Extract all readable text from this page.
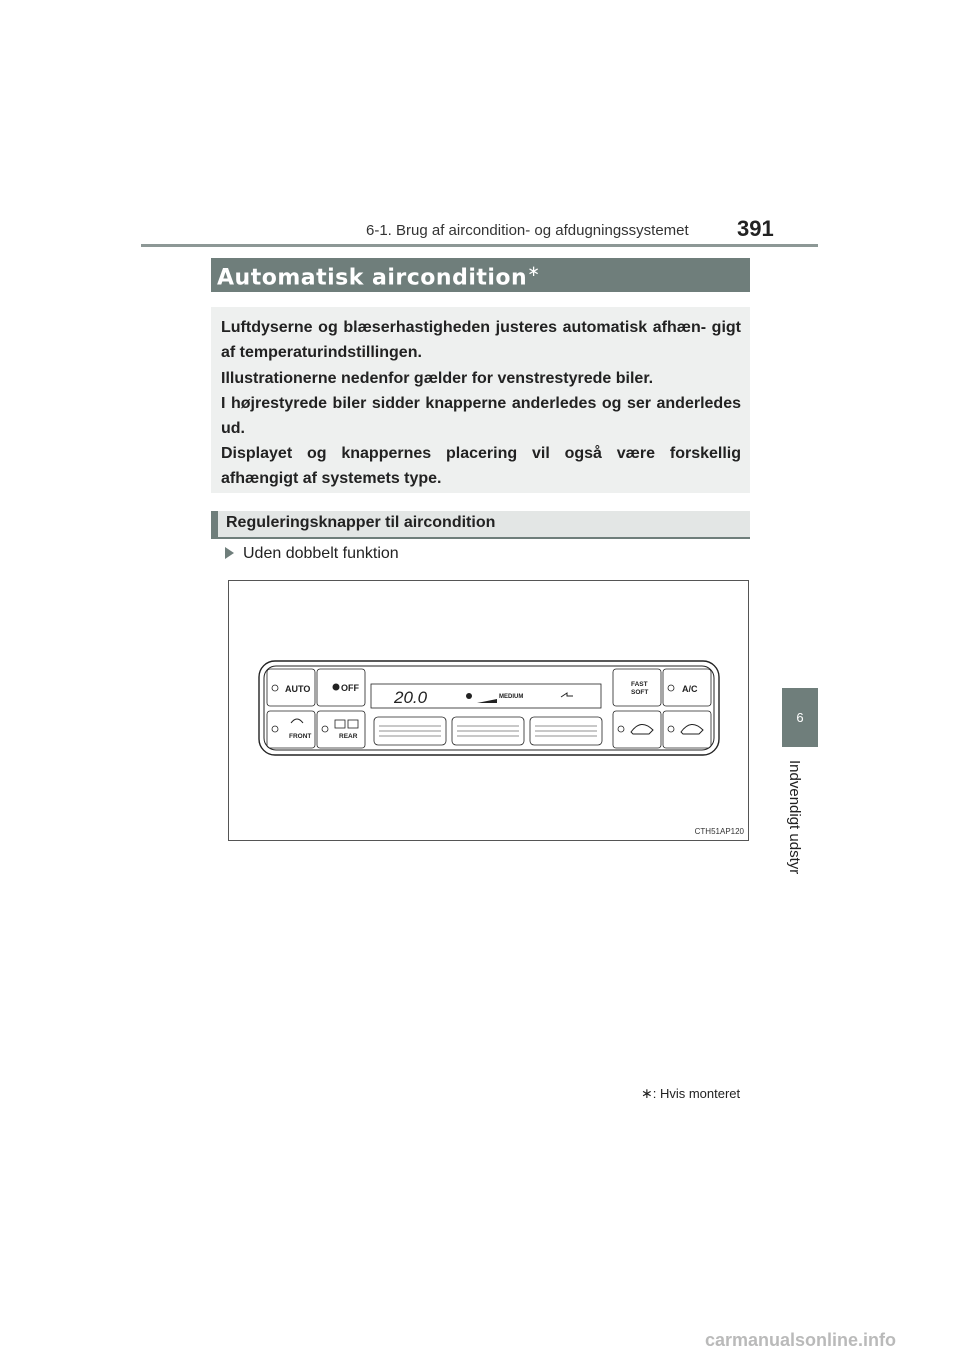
6-1. Brug af aircondition- og afdugningssystemet 391
6
Indvendigt udstyr
Automatisk aircondition∗

Luftdyserne og blæserhastigheden justeres automatisk afhæn- gigt af temperaturindstillingen.

Illustrationerne nedenfor gælder for venstrestyrede biler.

I højrestyrede biler sidder knapperne anderledes og ser anderledes ud.

Displayet og knappernes placering vil også være forskellig afhængigt af systemets type.

Reguleringsknapper til aircondition
Uden dobbelt funktion
AUTO	OFF
FRONT	REAR
20.0	MEDIUM
FAST
SOFT	A/C
CTH51AP120
∗: Hvis monteret
carmanualsonline.info
